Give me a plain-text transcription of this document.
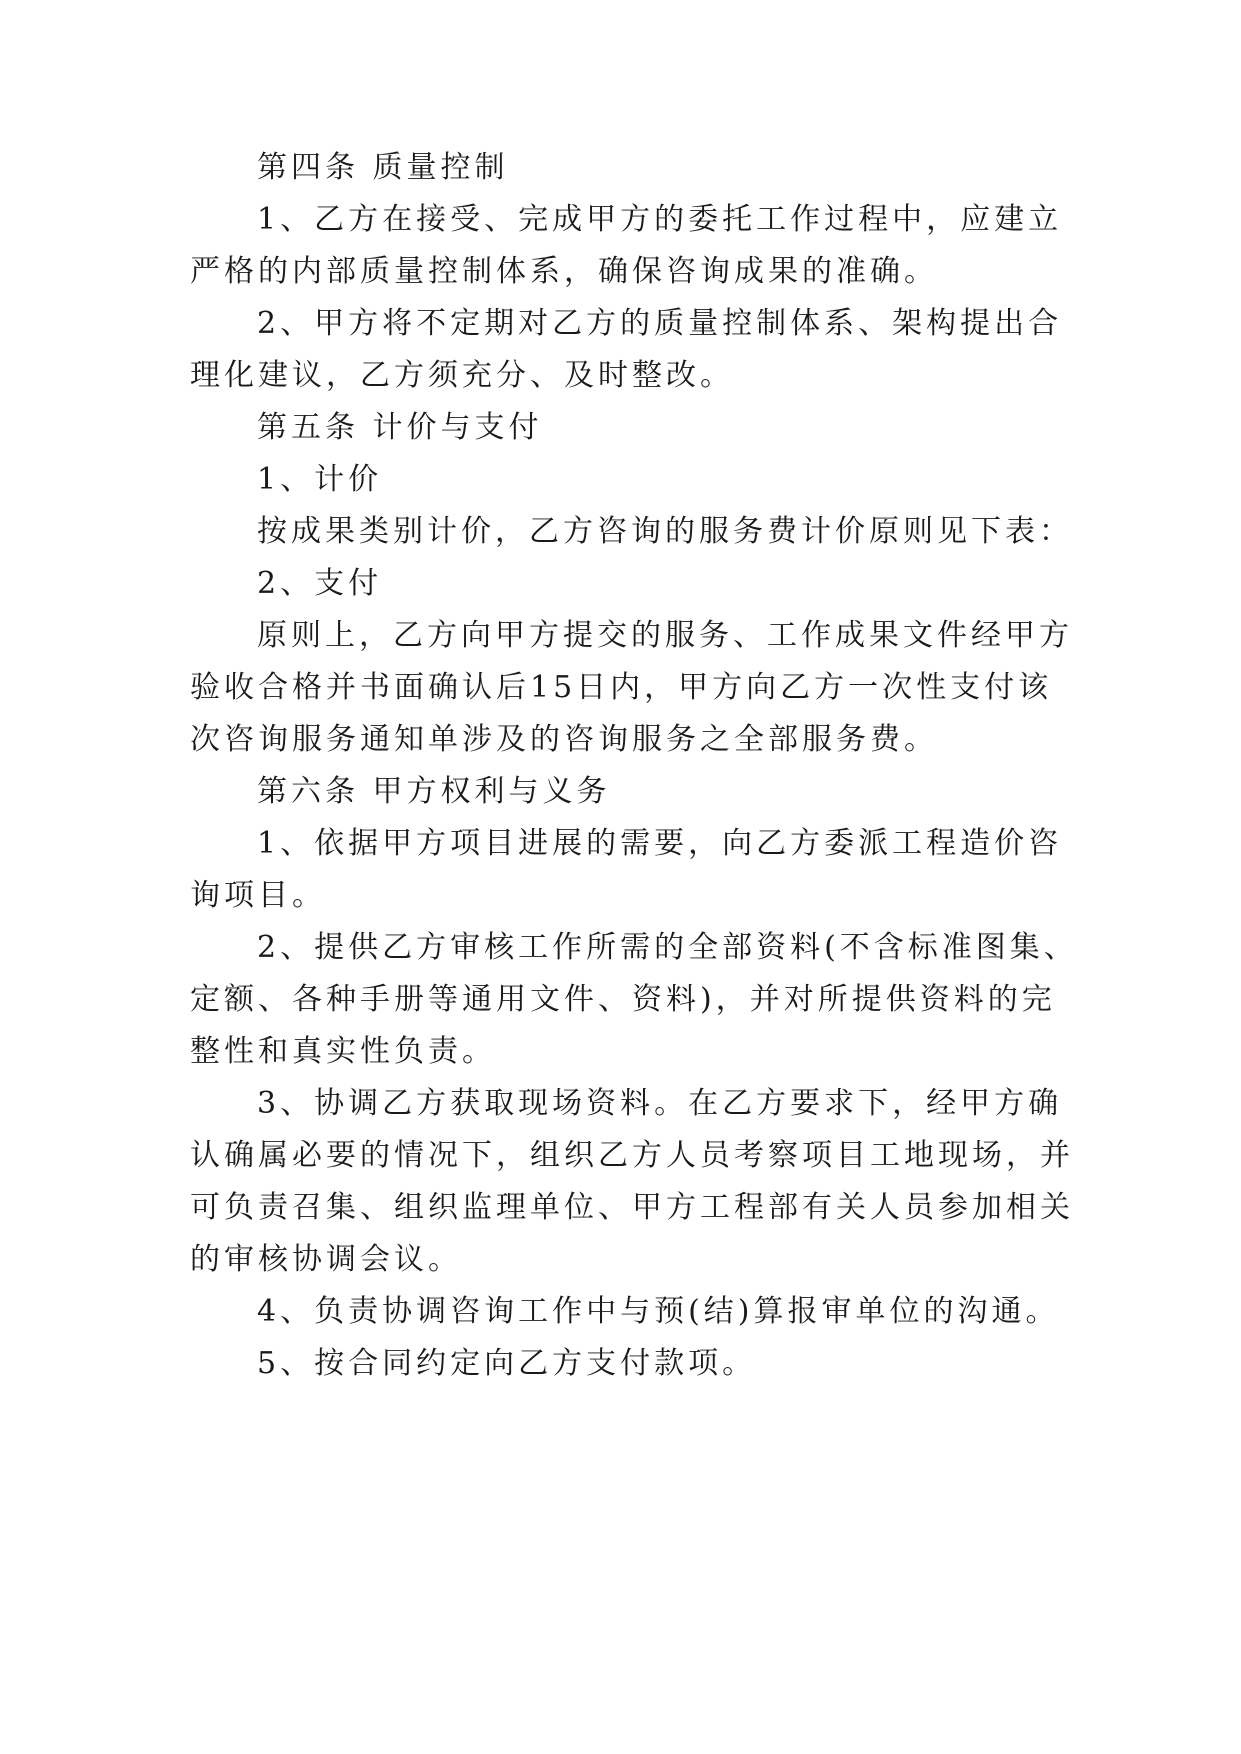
第四条 质量控制
1、乙方在接受、完成甲方的委托工作过程中，应建立
严格的内部质量控制体系，确保咨询成果的准确。
2、甲方将不定期对乙方的质量控制体系、架构提出合
理化建议，乙方须充分、及时整改。
第五条 计价与支付
1、计价
按成果类别计价，乙方咨询的服务费计价原则见下表：
2、支付
原则上，乙方向甲方提交的服务、工作成果文件经甲方
验收合格并书面确认后15日内，甲方向乙方一次性支付该
次咨询服务通知单涉及的咨询服务之全部服务费。
第六条 甲方权利与义务
1、依据甲方项目进展的需要，向乙方委派工程造价咨
询项目。
2、提供乙方审核工作所需的全部资料(不含标准图集、
定额、各种手册等通用文件、资料)，并对所提供资料的完
整性和真实性负责。
3、协调乙方获取现场资料。在乙方要求下，经甲方确
认确属必要的情况下，组织乙方人员考察项目工地现场，并
可负责召集、组织监理单位、甲方工程部有关人员参加相关
的审核协调会议。
4、负责协调咨询工作中与预(结)算报审单位的沟通。
5、按合同约定向乙方支付款项。
